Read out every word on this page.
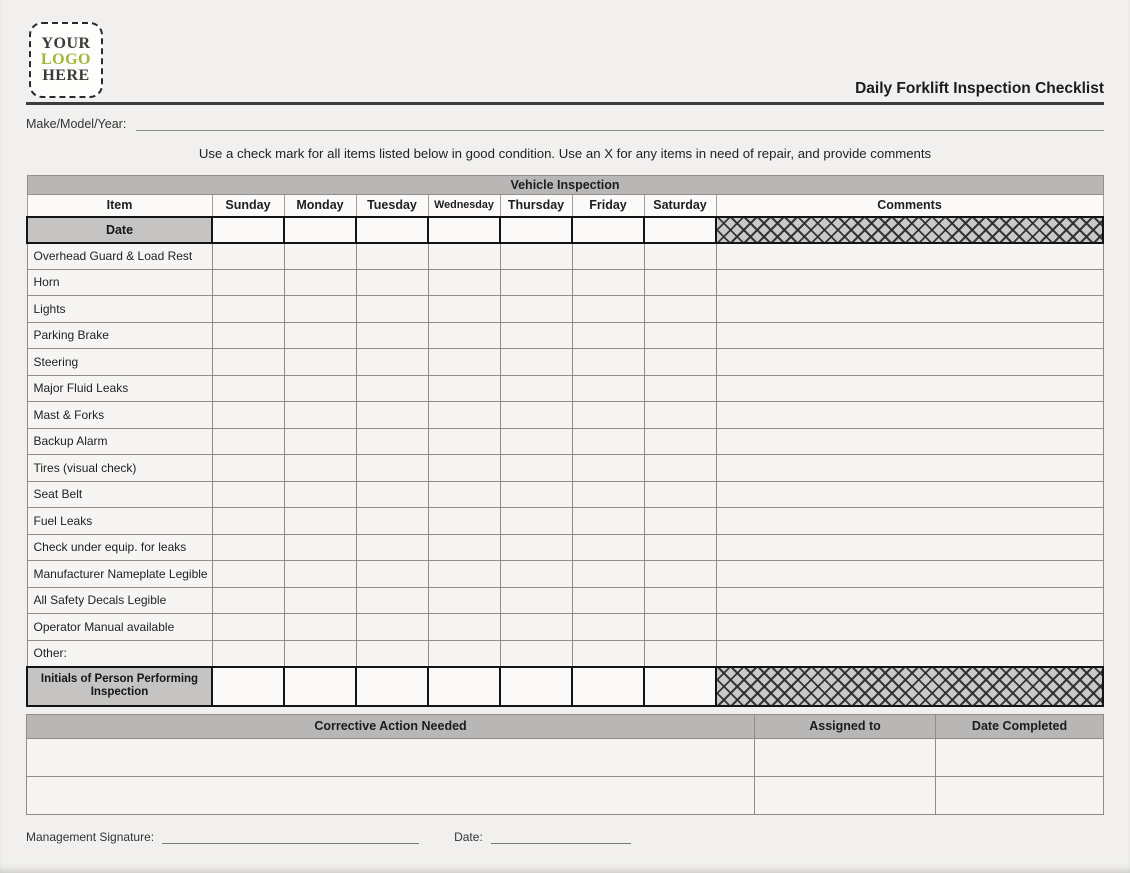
YOUR
LOGO
HERE
Daily Forklift Inspection Checklist
Make/Model/Year:
Use a check mark for all items listed below in good condition. Use an X for any items in need of repair, and provide comments
Vehicle Inspection								
Item	Sunday	Monday	Tuesday	Wednesday	Thursday	Friday	Saturday	Comments
Date								
Overhead Guard & Load Rest								
Horn								
Lights								
Parking Brake								
Steering								
Major Fluid Leaks								
Mast & Forks								
Backup Alarm								
Tires (visual check)								
Seat Belt								
Fuel Leaks								
Check under equip. for leaks								
Manufacturer Nameplate Legible								
All Safety Decals Legible								
Operator Manual available								
Other:								
Initials of Person Performing Inspection								
Corrective Action Needed	Assigned to	Date Completed

Management Signature:	Date:
